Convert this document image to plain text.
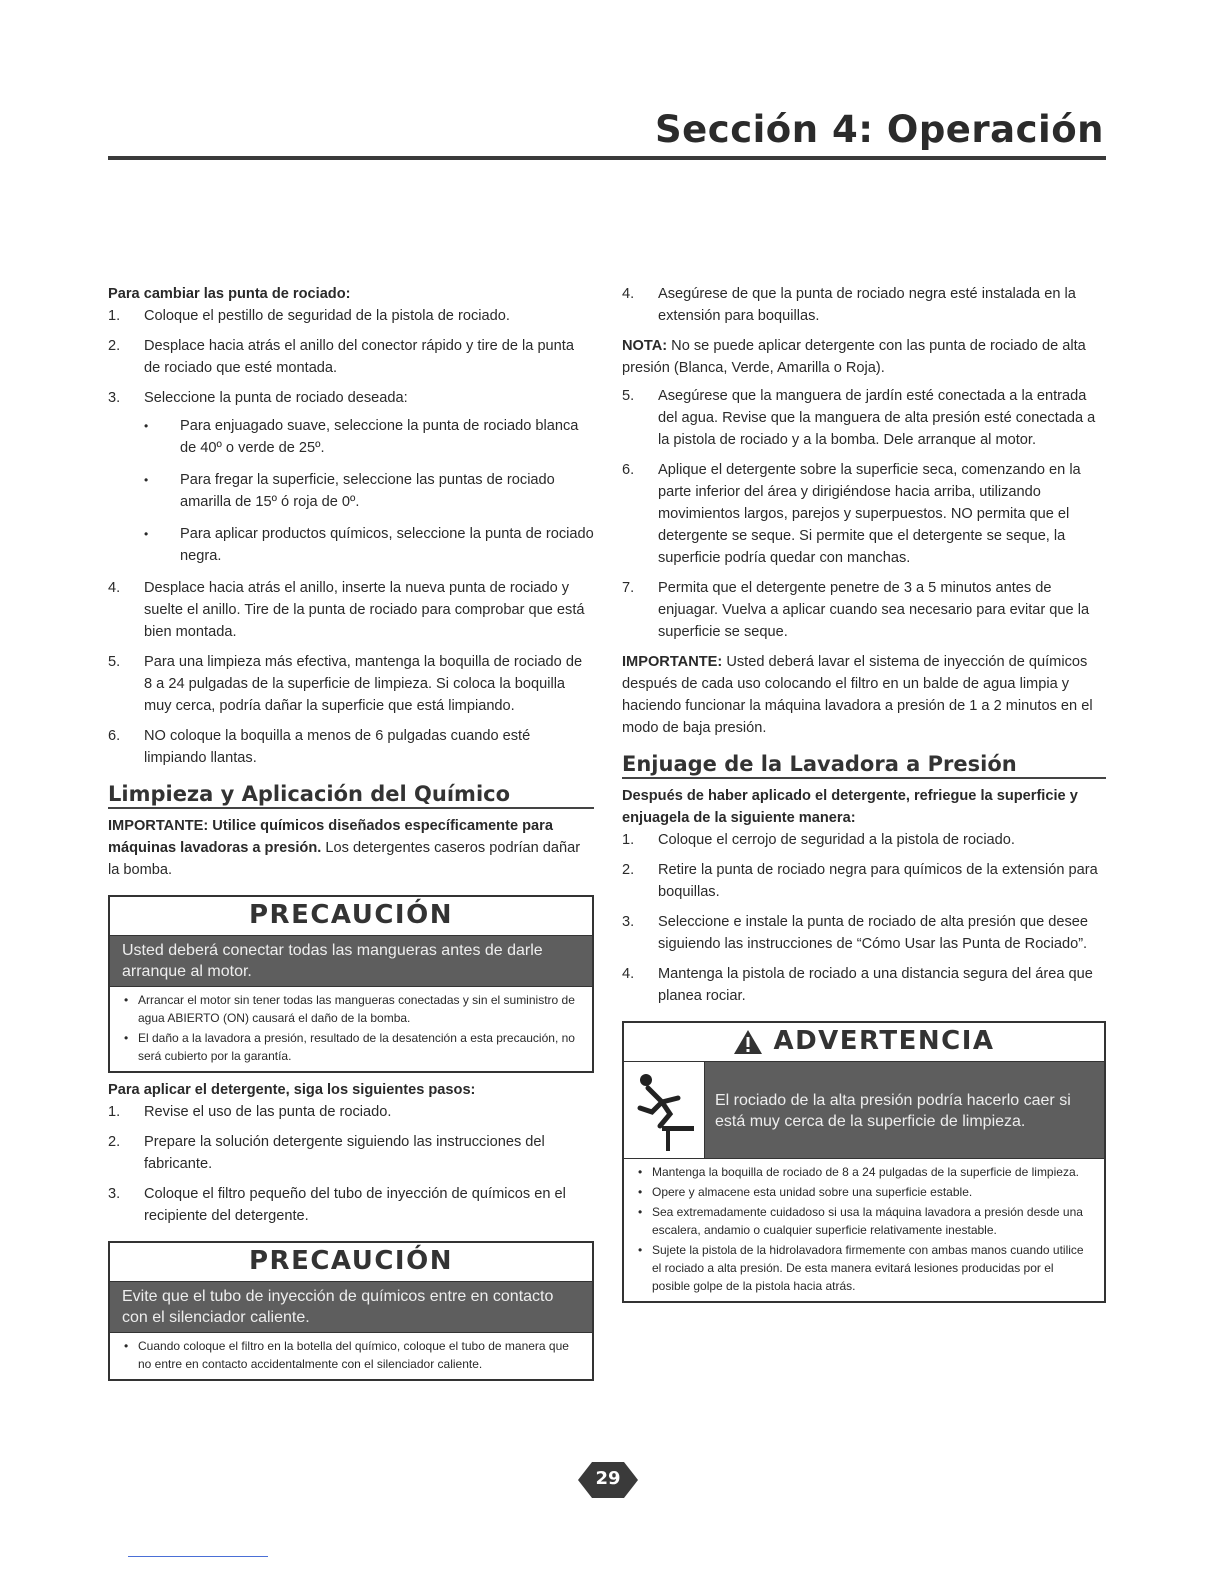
Sección 4: Operación

Para cambiar las punta de rociado:

1. Coloque el pestillo de seguridad de la pistola de rociado.
2. Desplace hacia atrás el anillo del conector rápido y tire de la punta de rociado que esté montada.
3. Seleccione la punta de rociado deseada:
• Para enjuagado suave, seleccione la punta de rociado blanca de 40º o verde de 25º.
• Para fregar la superficie, seleccione las puntas de rociado amarilla de 15º ó roja de 0º.
• Para aplicar productos químicos, seleccione la punta de rociado negra.
4. Desplace hacia atrás el anillo, inserte la nueva punta de rociado y suelte el anillo. Tire de la punta de rociado para comprobar que está bien montada.
5. Para una limpieza más efectiva, mantenga la boquilla de rociado de 8 a 24 pulgadas de la superficie de limpieza. Si coloca la boquilla muy cerca, podría dañar la superficie que está limpiando.
6. NO coloque la boquilla a menos de 6 pulgadas cuando esté limpiando llantas.
Limpieza y Aplicación del Químico

IMPORTANTE: Utilice químicos diseñados específicamente para máquinas lavadoras a presión. Los detergentes caseros podrían dañar la bomba.

PRECAUCIÓN
Usted deberá conectar todas las mangueras antes de darle arranque al motor.
• Arrancar el motor sin tener todas las mangueras conectadas y sin el suministro de agua ABIERTO (ON) causará el daño de la bomba.
• El daño a la lavadora a presión, resultado de la desatención a esta precaución, no será cubierto por la garantía.

Para aplicar el detergente, siga los siguientes pasos:

1. Revise el uso de las punta de rociado.
2. Prepare la solución detergente siguiendo las instrucciones del fabricante.
3. Coloque el filtro pequeño del tubo de inyección de químicos en el recipiente del detergente.
PRECAUCIÓN
Evite que el tubo de inyección de químicos entre en contacto con el silenciador caliente.
• Cuando coloque el filtro en la botella del químico, coloque el tubo de manera que no entre en contacto accidentalmente con el silenciador caliente.
4. Asegúrese de que la punta de rociado negra esté instalada en la extensión para boquillas.

NOTA: No se puede aplicar detergente con las punta de rociado de alta presión (Blanca, Verde, Amarilla o Roja).

5. Asegúrese que la manguera de jardín esté conectada a la entrada del agua. Revise que la manguera de alta presión esté conectada a la pistola de rociado y a la bomba. Dele arranque al motor.
6. Aplique el detergente sobre la superficie seca, comenzando en la parte inferior del área y dirigiéndose hacia arriba, utilizando movimientos largos, parejos y superpuestos. NO permita que el detergente se seque. Si permite que el detergente se seque, la superficie podría quedar con manchas.
7. Permita que el detergente penetre de 3 a 5 minutos antes de enjuagar. Vuelva a aplicar cuando sea necesario para evitar que la superficie se seque.

IMPORTANTE: Usted deberá lavar el sistema de inyección de químicos después de cada uso colocando el filtro en un balde de agua limpia y haciendo funcionar la máquina lavadora a presión de 1 a 2 minutos en el modo de baja presión.

Enjuage de la Lavadora a Presión

Después de haber aplicado el detergente, refriegue la superficie y enjuagela de la siguiente manera:

1. Coloque el cerrojo de seguridad a la pistola de rociado.
2. Retire la punta de rociado negra para químicos de la extensión para boquillas.
3. Seleccione e instale la punta de rociado de alta presión que desee siguiendo las instrucciones de “Cómo Usar las Punta de Rociado”.
4. Mantenga la pistola de rociado a una distancia segura del área que planea rociar.
ADVERTENCIA
El rociado de la alta presión podría hacerlo caer si está muy cerca de la superficie de limpieza.
• Mantenga la boquilla de rociado de 8 a 24 pulgadas de la superficie de limpieza.
• Opere y almacene esta unidad sobre una superficie estable.
• Sea extremadamente cuidadoso si usa la máquina lavadora a presión desde una escalera, andamio o cualquier superficie relativamente inestable.
• Sujete la pistola de la hidrolavadora firmemente con ambas manos cuando utilice el rociado a alta presión. De esta manera evitará lesiones producidas por el posible golpe de la pistola hacia atrás.
29
